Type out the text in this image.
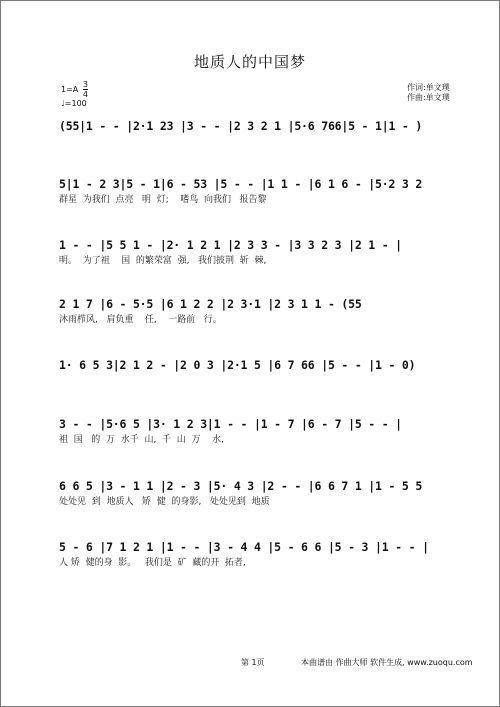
地质人的中国梦
$1=A \frac{3}{4}$
♩=100
作词:单文璞
作曲:单文璞
(55|1 - - |2·1 23 |3 - - |2 3 2 1 |5·6 766|5 - 1|1 - )
5|1 - 2 3|5 - 1|6 - 53 |5 - - |1 1 - |6 1 6 - |5·2 3 2
群星  为我们  点亮   明  灯;    嗜鸟  向我们   报告黎
1 - - |5 5 1 - |2· 1 2 1 |2 3 3 - |3 3 2 3 |2 1 - |
明。  为了祖    国  的繁荣富  强,   我们披荆  斩  棘,
2 1 7 |6 - 5·5 |6 1 2 2 |2 3·1 |2 3 1 1 - (55
沐雨栉风,   肩负重    任,    一路前   行。
1· 6 5 3|2 1 2 - |2 0 3 |2·1 5 |6 7 66 |5 - - |1 - 0)
3 - - |5·6 5 |3· 1 2 3|1 - - |1 - 7 |6 - 7 |5 - - |
祖  国   的  万  水千  山,  千  山  万    水,
6 6 5 |3 - 1 1 |2 - 3 |5· 4 3 |2 - - |6 6 7 1 |1 - 5 5
处处见  到  地质人   矫  健  的身影,   处处见到  地质
5 - 6 |7 1 2 1 |1 - - |3 - 4 4 |5 - 6 6 |5 - 3 |1 - - |
人 矫  健的身  影。   我们是  矿  藏的开  拓者,
第 1页	本曲谱由 作曲大师 软件生成, www.zuoqu.com
